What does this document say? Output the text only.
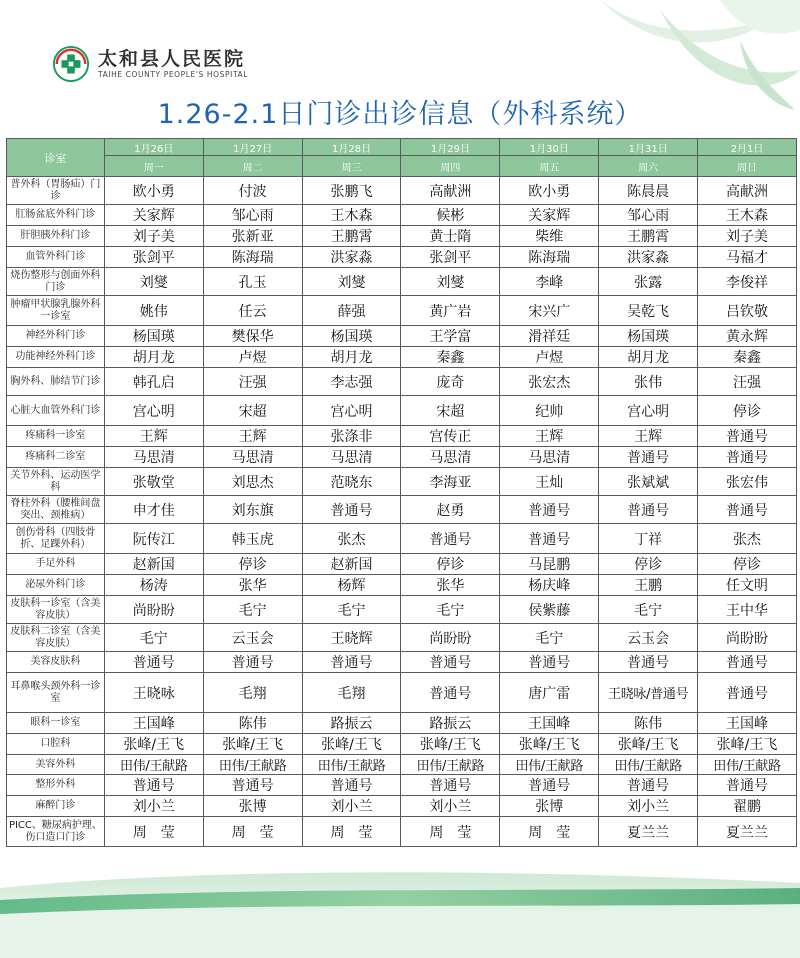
太和县人民医院
TAIHE COUNTY PEOPLE'S HOSPITAL
1.26-2.1日门诊出诊信息（外科系统）
诊室	1月26日	1月27日	1月28日	1月29日	1月30日	1月31日	2月1日
	周一	周二	周三	周四	周五	周六	周日
普外科（胃肠疝）门诊	欧小勇	付波	张鹏飞	高献洲	欧小勇	陈晨晨	高献洲
肛肠盆底外科门诊	关家辉	邹心雨	王木森	候彬	关家辉	邹心雨	王木森
肝胆胰外科门诊	刘子美	张新亚	王鹏霄	黄士隋	柴维	王鹏霄	刘子美
血管外科门诊	张剑平	陈海瑞	洪家淼	张剑平	陈海瑞	洪家淼	马福才
烧伤整形与创面外科门诊	刘燮	孔玉	刘燮	刘燮	李峰	张露	李俊祥
肿瘤甲状腺乳腺外科一诊室	姚伟	任云	薛强	黄广岩	宋兴广	吴乾飞	吕钦敬
神经外科门诊	杨国瑛	樊保华	杨国瑛	王学富	滑祥廷	杨国瑛	黄永辉
功能神经外科门诊	胡月龙	卢煜	胡月龙	秦鑫	卢煜	胡月龙	秦鑫
胸外科、肺结节门诊	韩孔启	汪强	李志强	庞奇	张宏杰	张伟	汪强
心脏大血管外科门诊	宫心明	宋超	宫心明	宋超	纪帅	宫心明	停诊
疼痛科一诊室	王辉	王辉	张涤非	宫传正	王辉	王辉	普通号
疼痛科二诊室	马思清	马思清	马思清	马思清	马思清	普通号	普通号
关节外科、运动医学科	张敬堂	刘思杰	范晓东	李海亚	王灿	张斌斌	张宏伟
脊柱外科（腰椎间盘突出、颈椎病）	申才佳	刘东旗	普通号	赵勇	普通号	普通号	普通号
创伤骨科（四肢骨折、足踝外科）	阮传江	韩玉虎	张杰	普通号	普通号	丁祥	张杰
手足外科	赵新国	停诊	赵新国	停诊	马昆鹏	停诊	停诊
泌尿外科门诊	杨涛	张华	杨辉	张华	杨庆峰	王鹏	任文明
皮肤科一诊室（含美容皮肤）	尚盼盼	毛宁	毛宁	毛宁	侯紫藤	毛宁	王中华
皮肤科二诊室（含美容皮肤）	毛宁	云玉会	王晓辉	尚盼盼	毛宁	云玉会	尚盼盼
美容皮肤科	普通号	普通号	普通号	普通号	普通号	普通号	普通号
耳鼻喉头颈外科一诊室	王晓咏	毛翔	毛翔	普通号	唐广雷	王晓咏/普通号	普通号
眼科一诊室	王国峰	陈伟	路振云	路振云	王国峰	陈伟	王国峰
口腔科	张峰/王飞	张峰/王飞	张峰/王飞	张峰/王飞	张峰/王飞	张峰/王飞	张峰/王飞
美容外科	田伟/王献路	田伟/王献路	田伟/王献路	田伟/王献路	田伟/王献路	田伟/王献路	田伟/王献路
整形外科	普通号	普通号	普通号	普通号	普通号	普通号	普通号
麻醉门诊	刘小兰	张博	刘小兰	刘小兰	张博	刘小兰	翟鹏
PICC、糖尿病护理、伤口造口门诊	周　莹	周　莹	周　莹	周　莹	周　莹	夏兰兰	夏兰兰
